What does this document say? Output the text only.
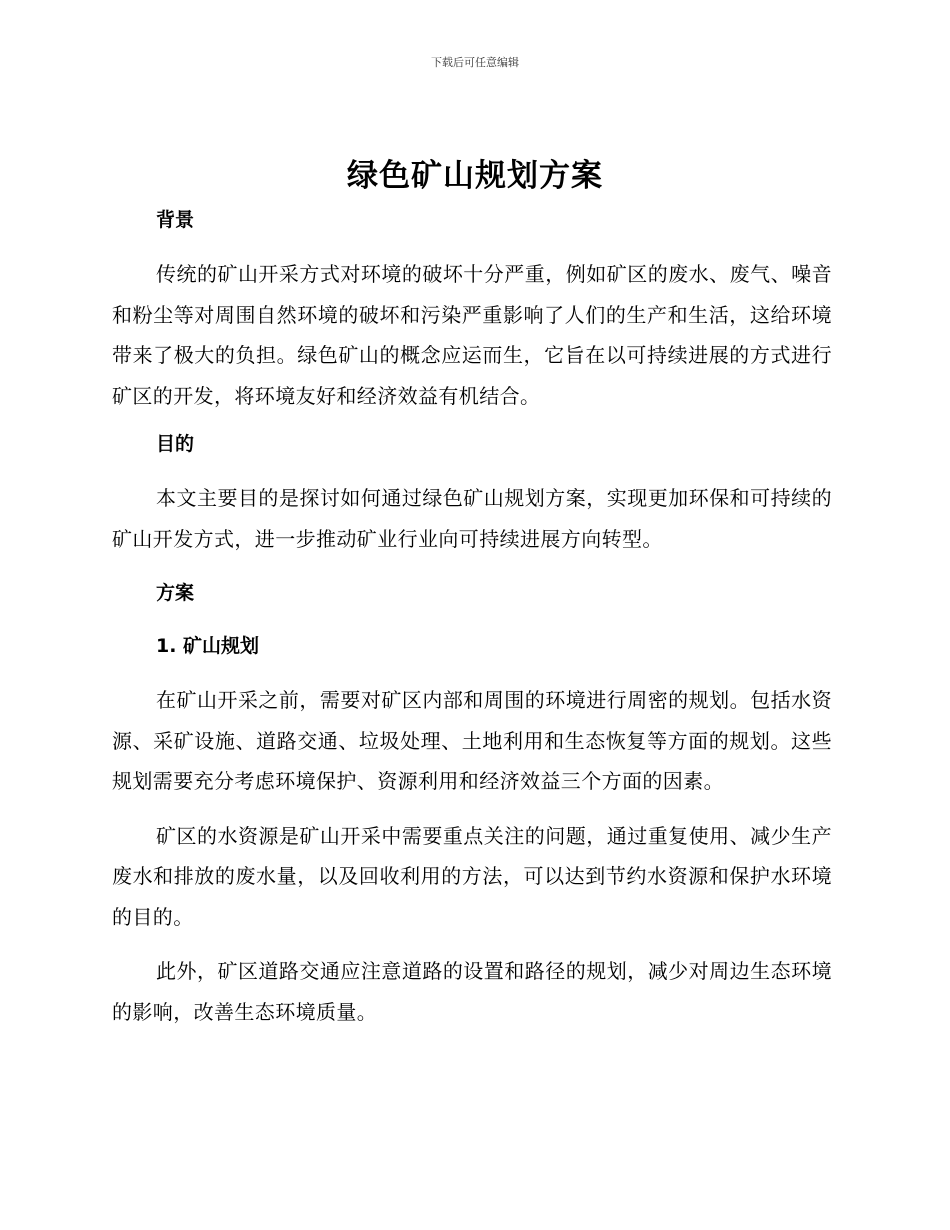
下载后可任意编辑
绿色矿山规划方案
背景

传统的矿山开采方式对环境的破坏十分严重，例如矿区的废水、废气、噪音和粉尘等对周围自然环境的破坏和污染严重影响了人们的生产和生活，这给环境带来了极大的负担。绿色矿山的概念应运而生，它旨在以可持续进展的方式进行矿区的开发，将环境友好和经济效益有机结合。

目的

本文主要目的是探讨如何通过绿色矿山规划方案，实现更加环保和可持续的矿山开发方式，进一步推动矿业行业向可持续进展方向转型。

方案
1. 矿山规划

在矿山开采之前，需要对矿区内部和周围的环境进行周密的规划。包括水资源、采矿设施、道路交通、垃圾处理、土地利用和生态恢复等方面的规划。这些规划需要充分考虑环境保护、资源利用和经济效益三个方面的因素。

矿区的水资源是矿山开采中需要重点关注的问题，通过重复使用、减少生产废水和排放的废水量，以及回收利用的方法，可以达到节约水资源和保护水环境的目的。

此外，矿区道路交通应注意道路的设置和路径的规划，减少对周边生态环境的影响，改善生态环境质量。
